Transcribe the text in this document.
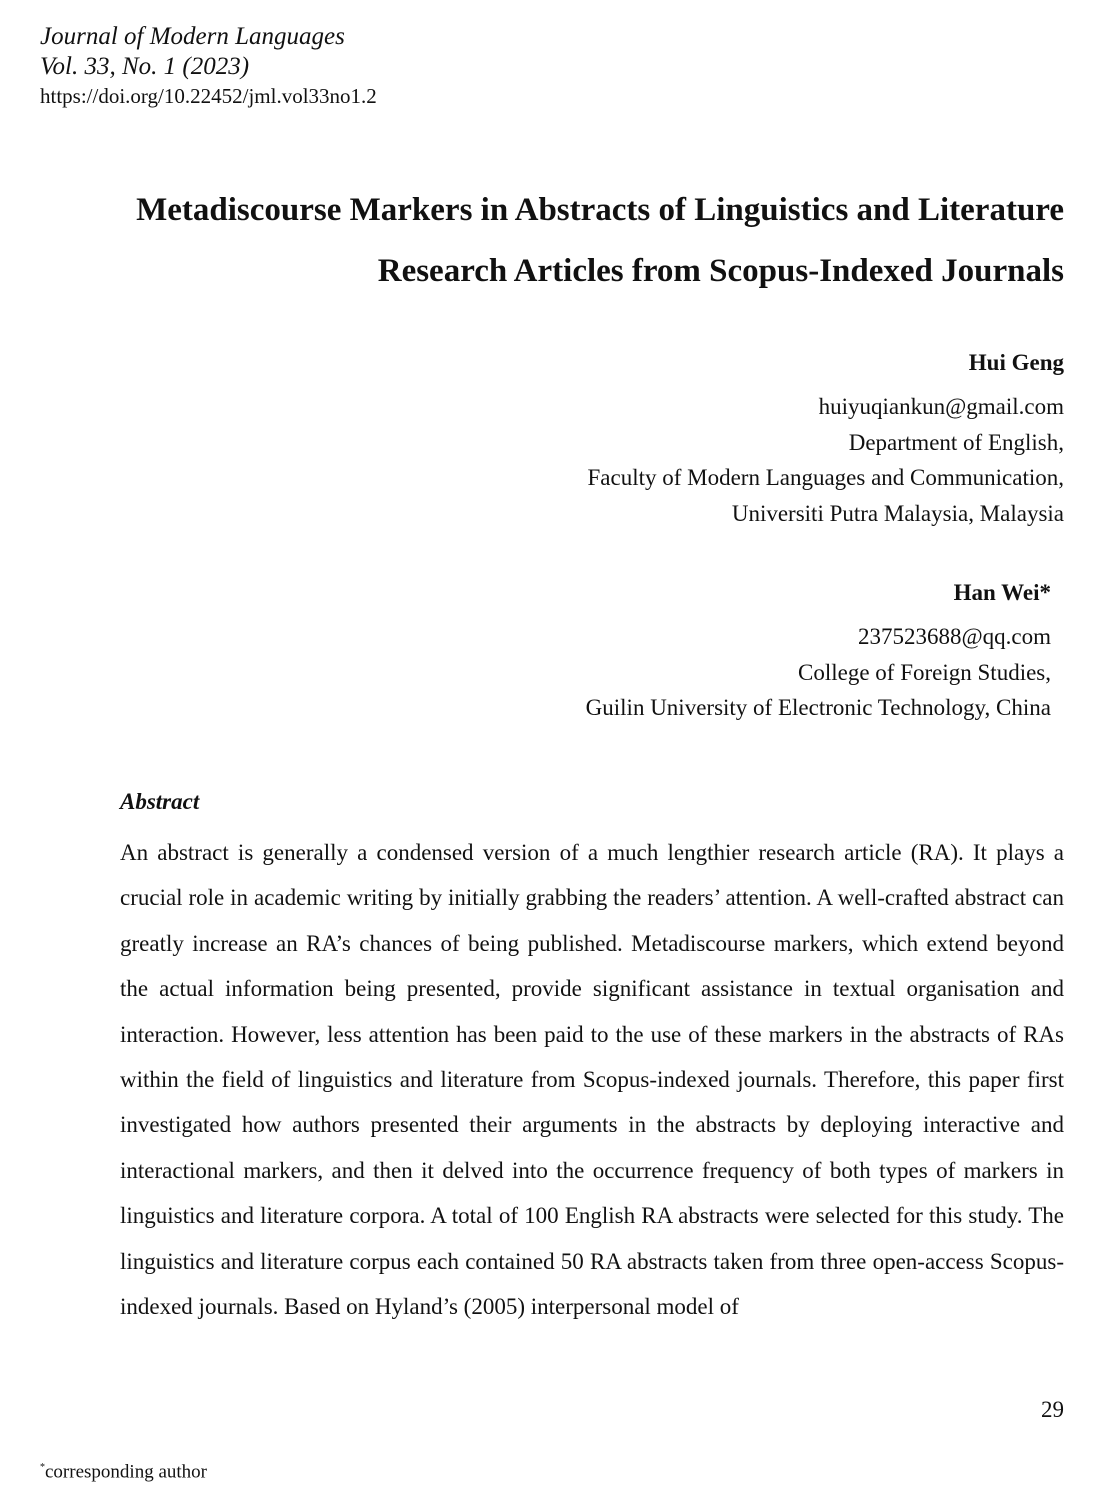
Journal of Modern Languages
Vol. 33, No. 1 (2023)
https://doi.org/10.22452/jml.vol33no1.2
Metadiscourse Markers in Abstracts of Linguistics and Literature
Research Articles from Scopus-Indexed Journals
Hui Geng
huiyuqiankun@gmail.com
Department of English,
Faculty of Modern Languages and Communication,
Universiti Putra Malaysia, Malaysia
Han Wei*
237523688@qq.com
College of Foreign Studies,
Guilin University of Electronic Technology, China
Abstract

An abstract is generally a condensed version of a much lengthier research article (RA). It plays a crucial role in academic writing by initially grabbing the readers’ attention. A well-crafted abstract can greatly increase an RA’s chances of being published. Metadiscourse markers, which extend beyond the actual information being presented, provide significant assistance in textual organisation and interaction. However, less attention has been paid to the use of these markers in the abstracts of RAs within the field of linguistics and literature from Scopus-indexed journals. Therefore, this paper first investigated how authors presented their arguments in the abstracts by deploying interactive and interactional markers, and then it delved into the occurrence frequency of both types of markers in linguistics and literature corpora. A total of 100 English RA abstracts were selected for this study. The linguistics and literature corpus each contained 50 RA abstracts taken from three open-access Scopus-indexed journals. Based on Hyland’s (2005) interpersonal model of

29
*corresponding author
